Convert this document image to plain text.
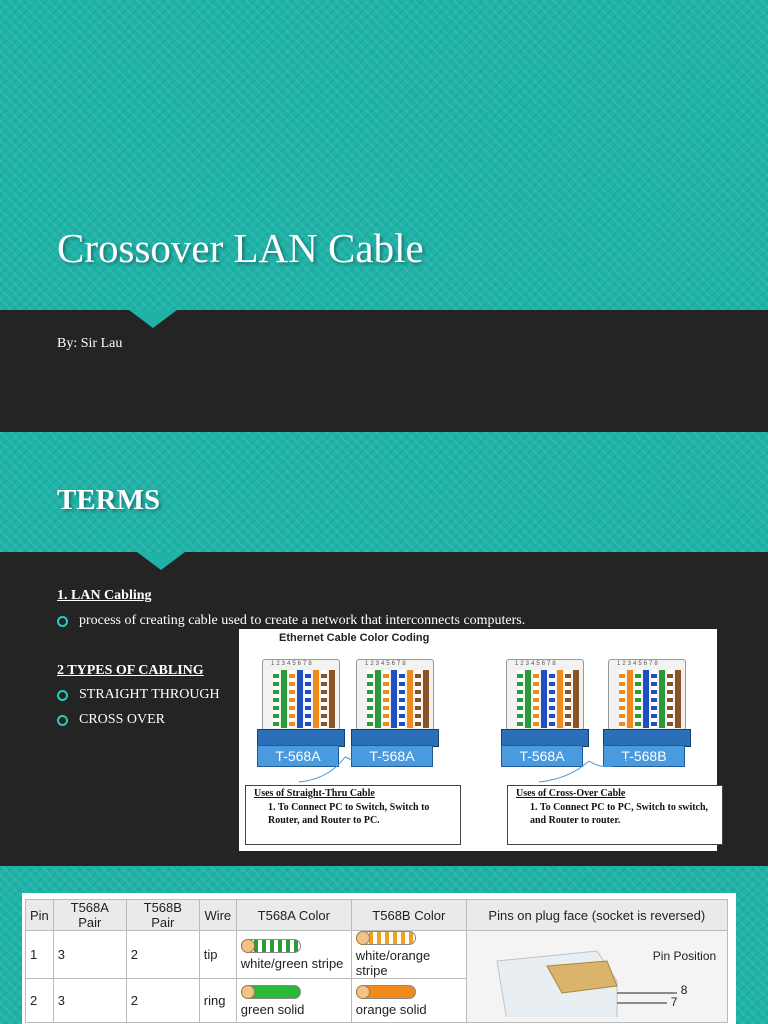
Crossover LAN Cable
By: Sir Lau
TERMS
1. LAN Cabling
process of creating cable used to create a network that interconnects computers.
2 TYPES OF CABLING
STRAIGHT THROUGH
CROSS OVER
Ethernet Cable Color Coding
12345678
T-568A
12345678
T-568A
12345678
T-568A
12345678
T-568B
Uses of Straight-Thru Cable
1. To Connect PC to Switch, Switch to Router, and Router to PC.
Uses of Cross-Over Cable
1. To Connect PC to PC, Switch to switch, and Router to router.
Pin	T568A Pair	T568B Pair	Wire	T568A Color	T568B Color	Pins on plug face (socket is reversed)
1	3	2	tip	white/green stripe	white/orange stripe	Pin Position
8
7

2	3	2	ring	green solid	orange solid	
